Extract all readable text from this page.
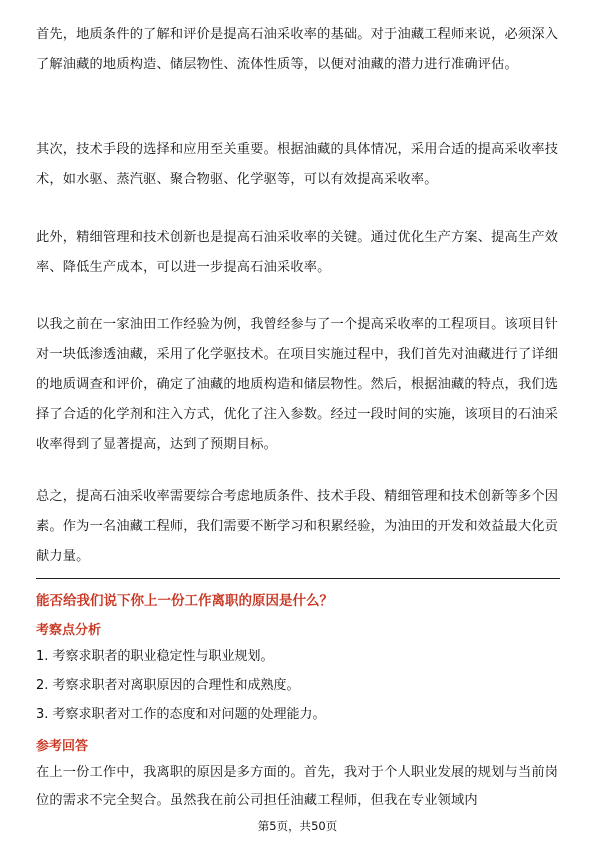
首先，地质条件的了解和评价是提高石油采收率的基础。对于油藏工程师来说，必须深入了解油藏的地质构造、储层物性、流体性质等，以便对油藏的潜力进行准确评估。

其次，技术手段的选择和应用至关重要。根据油藏的具体情况，采用合适的提高采收率技术，如水驱、蒸汽驱、聚合物驱、化学驱等，可以有效提高采收率。

此外，精细管理和技术创新也是提高石油采收率的关键。通过优化生产方案、提高生产效率、降低生产成本，可以进一步提高石油采收率。

以我之前在一家油田工作经验为例，我曾经参与了一个提高采收率的工程项目。该项目针对一块低渗透油藏，采用了化学驱技术。在项目实施过程中，我们首先对油藏进行了详细的地质调查和评价，确定了油藏的地质构造和储层物性。然后，根据油藏的特点，我们选择了合适的化学剂和注入方式，优化了注入参数。经过一段时间的实施，该项目的石油采收率得到了显著提高，达到了预期目标。

总之，提高石油采收率需要综合考虑地质条件、技术手段、精细管理和技术创新等多个因素。作为一名油藏工程师，我们需要不断学习和积累经验，为油田的开发和效益最大化贡献力量。

能否给我们说下你上一份工作离职的原因是什么？
考察点分析
1. 考察求职者的职业稳定性与职业规划。
2. 考察求职者对离职原因的合理性和成熟度。
3. 考察求职者对工作的态度和对问题的处理能力。
参考回答

在上一份工作中，我离职的原因是多方面的。首先，我对于个人职业发展的规划与当前岗位的需求不完全契合。虽然我在前公司担任油藏工程师，但我在专业领域内

第5页，共50页
